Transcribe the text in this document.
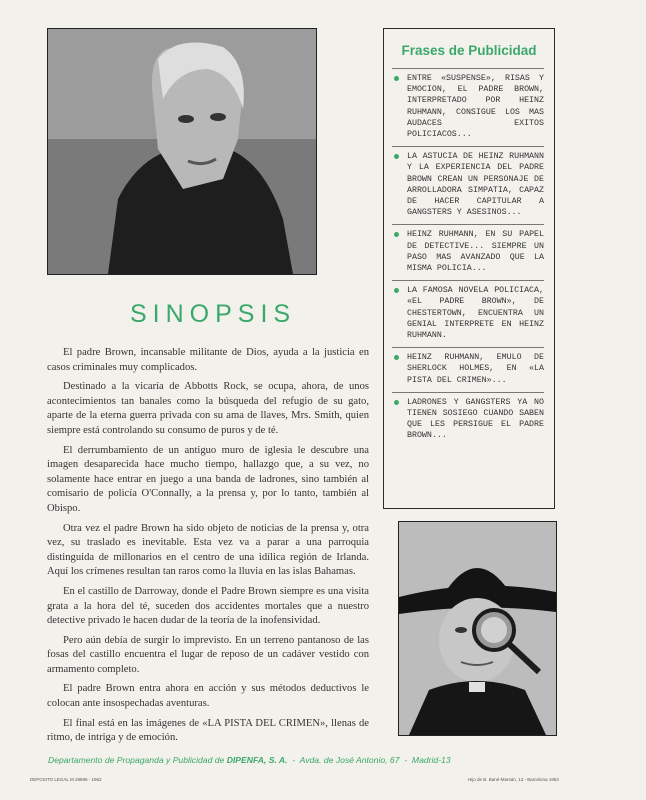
SINOPSIS

El padre Brown, incansable militante de Dios, ayuda a la justicia en casos criminales muy complicados.

Destinado a la vicaría de Abbotts Rock, se ocupa, ahora, de unos acontecimientos tan banales como la búsqueda del refugio de su gato, aparte de la eterna guerra privada con su ama de llaves, Mrs. Smith, quien siempre está controlando su consumo de puros y de té.

El derrumbamiento de un antiguo muro de iglesia le descubre una imagen desaparecida hace mucho tiempo, hallazgo que, a su vez, no solamente hace entrar en juego a una banda de ladrones, sino también al comisario de policía O'Connally, a la prensa y, por lo tanto, también al Obispo.

Otra vez el padre Brown ha sido objeto de noticias de la prensa y, otra vez, su traslado es inevitable. Esta vez va a parar a una parroquia distinguida de millonarios en el centro de una idílica región de Irlanda. Aquí los crímenes resultan tan raros como la lluvia en las islas Bahamas.

En el castillo de Darroway, donde el Padre Brown siempre es una visita grata a la hora del té, suceden dos accidentes mortales que a nuestro detective privado le hacen dudar de la teoría de la inofensividad.

Pero aún debía de surgir lo imprevisto. En un terreno pantanoso de las fosas del castillo encuentra el lugar de reposo de un cadáver vestido con armamento completo.

El padre Brown entra ahora en acción y sus métodos deductivos le colocan ante insospechadas aventuras.

El final está en las imágenes de «LA PISTA DEL CRIMEN», llenas de ritmo, de intriga y de emoción.

Frases de Publicidad
ENTRE «SUSPENSE», RISAS Y EMOCION, EL PADRE BROWN, INTERPRETADO POR HEINZ RUHMANN, CONSIGUE LOS MAS AUDACES EXITOS POLICIACOS...
LA ASTUCIA DE HEINZ RUHMANN Y LA EXPERIENCIA DEL PADRE BROWN CREAN UN PERSONAJE DE ARROLLADORA SIMPATIA, CAPAZ DE HACER CAPITULAR A GANGSTERS Y ASESINOS...
HEINZ RUHMANN, EN SU PAPEL DE DETECTIVE... SIEMPRE UN PASO MAS AVANZADO QUE LA MISMA POLICIA...
LA FAMOSA NOVELA POLICIACA, «EL PADRE BROWN», DE CHESTERTOWN, ENCUENTRA UN GENIAL INTERPRETE EN HEINZ RUHMANN.
HEINZ RUHMANN, EMULO DE SHERLOCK HOLMES, EN «LA PISTA DEL CRIMEN»...
LADRONES Y GANGSTERS YA NO TIENEN SOSIEGO CUANDO SABEN QUE LES PERSIGUE EL PADRE BROWN...
Departamento de Propaganda y Publicidad de DIPENFA, S. A. - Avda. de José Antonio, 67 - Madrid-13
DEPOSITO LEGAL M 28898 - 1962	Hijo de B. Bané-Marsán, 13 - Barcelona 1963
